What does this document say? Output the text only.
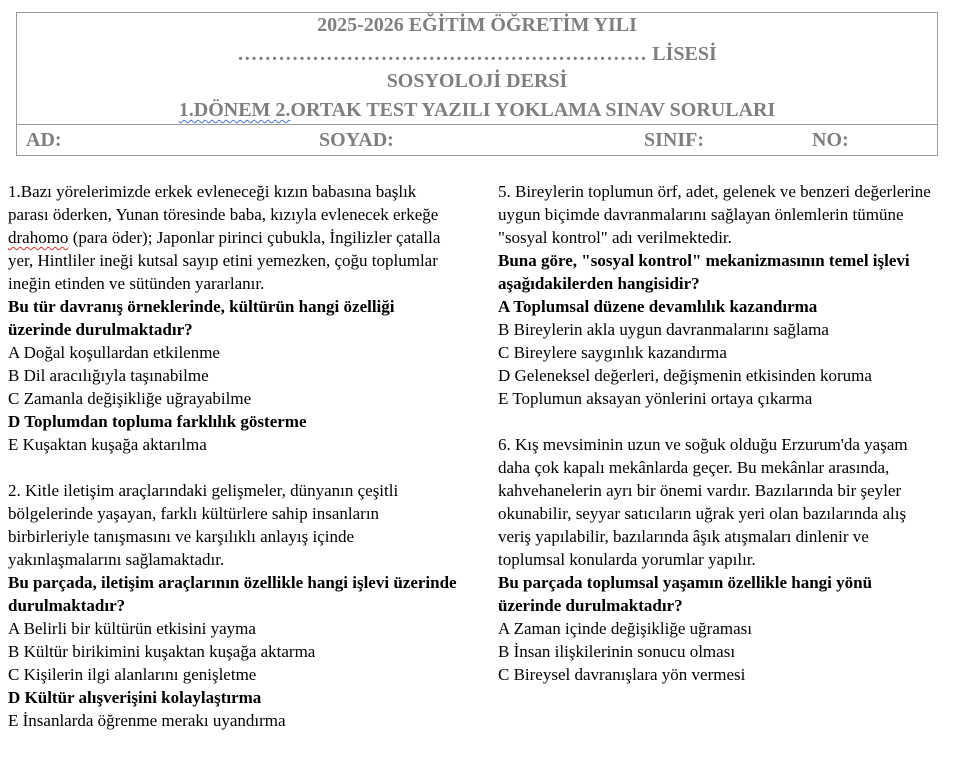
2025-2026 EĞİTİM ÖĞRETİM YILI
…………………………………………………… LİSESİ
SOSYOLOJİ DERSİ
1.DÖNEM 2.ORTAK TEST YAZILI YOKLAMA SINAV SORULARI
AD:	SOYAD:	SINIF:	NO:

1.Bazı yörelerimizde erkek evleneceği kızın babasına başlık parası öderken, Yunan töresinde baba, kızıyla evlenecek erkeğe drahomo (para öder); Japonlar pirinci çubukla, İngilizler çatalla yer, Hintliler ineği kutsal sayıp etini yemezken, çoğu toplumlar ineğin etinden ve sütünden yararlanır.

Bu tür davranış örneklerinde, kültürün hangi özelliği üzerinde durulmaktadır?

A Doğal koşullardan etkilenme

B Dil aracılığıyla taşınabilme

C Zamanla değişikliğe uğrayabilme

D Toplumdan topluma farklılık gösterme

E Kuşaktan kuşağa aktarılma

2. Kitle iletişim araçlarındaki gelişmeler, dünyanın çeşitli bölgelerinde yaşayan, farklı kültürlere sahip insanların birbirleriyle tanışmasını ve karşılıklı anlayış içinde yakınlaşmalarını sağlamaktadır.

Bu parçada, iletişim araçlarının özellikle hangi işlevi üzerinde durulmaktadır?

A Belirli bir kültürün etkisini yayma

B Kültür birikimini kuşaktan kuşağa aktarma

C Kişilerin ilgi alanlarını genişletme

D Kültür alışverişini kolaylaştırma

E İnsanlarda öğrenme merakı uyandırma

5. Bireylerin toplumun örf, adet, gelenek ve benzeri değerlerine uygun biçimde davranmalarını sağlayan önlemlerin tümüne "sosyal kontrol" adı verilmektedir.

Buna göre, "sosyal kontrol" mekanizmasının temel işlevi aşağıdakilerden hangisidir?

A Toplumsal düzene devamlılık kazandırma

B Bireylerin akla uygun davranmalarını sağlama

C Bireylere saygınlık kazandırma

D Geleneksel değerleri, değişmenin etkisinden koruma

E Toplumun aksayan yönlerini ortaya çıkarma

6. Kış mevsiminin uzun ve soğuk olduğu Erzurum'da yaşam daha çok kapalı mekânlarda geçer. Bu mekânlar arasında, kahvehanelerin ayrı bir önemi vardır. Bazılarında bir şeyler okunabilir, seyyar satıcıların uğrak yeri olan bazılarında alış veriş yapılabilir, bazılarında âşık atışmaları dinlenir ve toplumsal konularda yorumlar yapılır.

Bu parçada toplumsal yaşamın özellikle hangi yönü üzerinde durulmaktadır?

A Zaman içinde değişikliğe uğraması

B İnsan ilişkilerinin sonucu olması

C Bireysel davranışlara yön vermesi
